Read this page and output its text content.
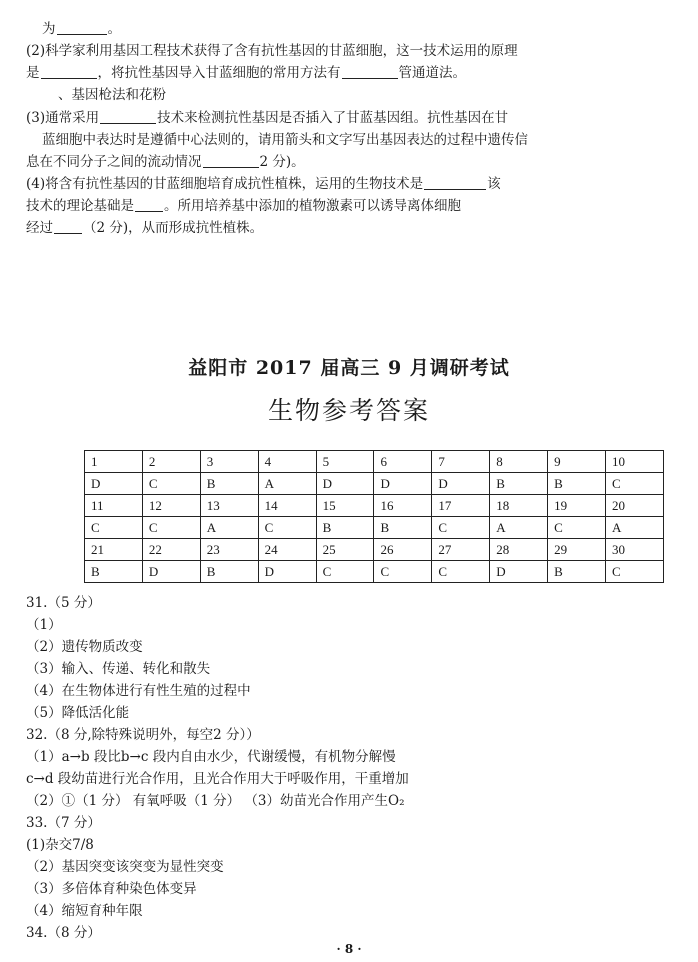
为	。
(2)科学家利用基因工程技术获得了含有抗性基因的甘蓝细胞，这一技术运用的原理
是	，将抗性基因导入甘蓝细胞的常用方法有	管通道法。
、基因枪法和花粉
(3)通常采用	技术来检测抗性基因是否插入了甘蓝基因组。抗性基因在甘
蓝细胞中表达时是遵循中心法则的，请用箭头和文字写出基因表达的过程中遗传信
息在不同分子之间的流动情况	2 分)。
(4)将含有抗性基因的甘蓝细胞培育成抗性植株，运用的生物技术是	该
技术的理论基础是 。所用培养基中添加的植物激素可以诱导离体细胞
经过 （2 分)，从而形成抗性植株。
益阳市 2017 届高三 9 月调研考试
生物参考答案
1	2	3	4	5	6	7	8	9	10
D	C	B	A	D	D	D	B	B	C
11	12	13	14	15	16	17	18	19	20
C	C	A	C	B	B	C	A	C	A
21	22	23	24	25	26	27	28	29	30
B	D	B	D	C	C	C	D	B	C
31.（5 分）
（1）
（2）遗传物质改变
（3）输入、传递、转化和散失
（4）在生物体进行有性生殖的过程中
（5）降低活化能
32.（8 分,除特殊说明外，每空2 分））
（1）a→b 段比b→c 段内自由水少，代谢缓慢，有机物分解慢
c→d 段幼苗进行光合作用，且光合作用大于呼吸作用，干重增加
（2）①（1 分） 有氧呼吸（1 分） （3）幼苗光合作用产生O₂
33.（7 分）
(1)杂交7/8
（2）基因突变该突变为显性突变
（3）多倍体育种染色体变异
（4）缩短育种年限
34.（8 分）
· 8 ·
